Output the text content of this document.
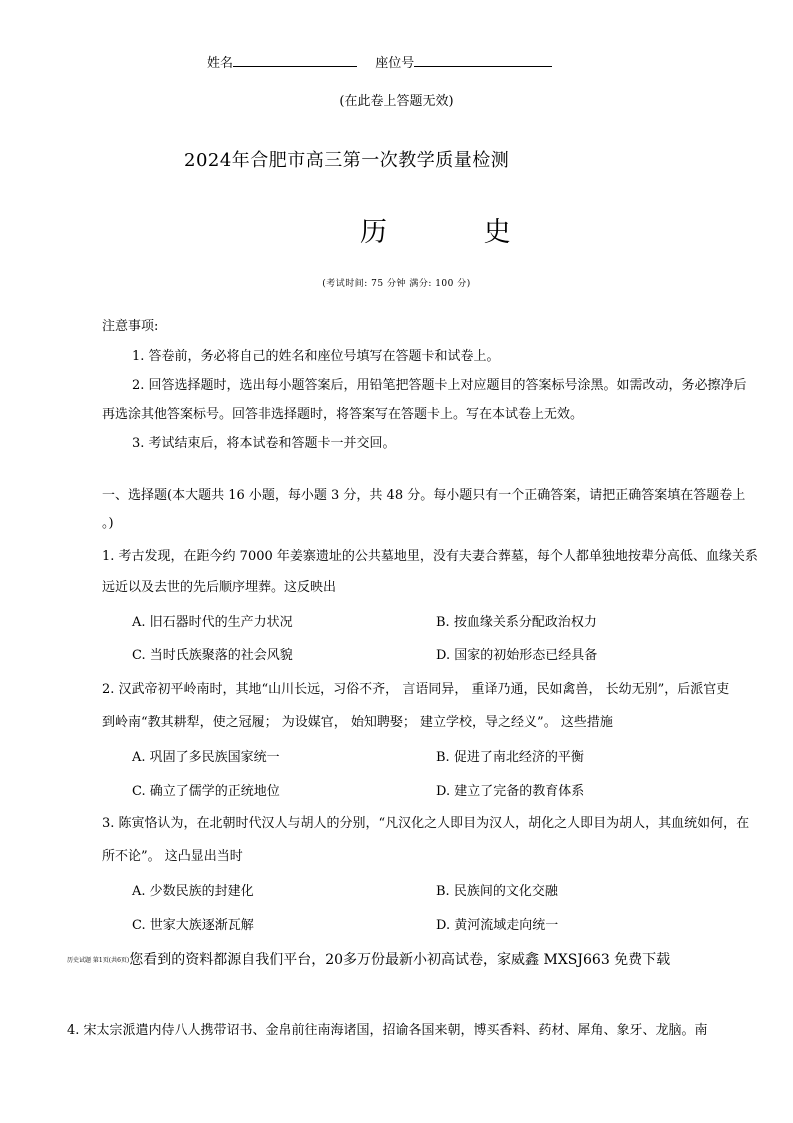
姓名	座位号
(在此卷上答题无效)
2024年合肥市高三第一次教学质量检测
历 史
(考试时间: 75 分钟 满分: 100 分)
注意事项:
1. 答卷前，务必将自己的姓名和座位号填写在答题卡和试卷上。
2. 回答选择题时，选出每小题答案后，用铅笔把答题卡上对应题目的答案标号涂黑。如需改动，务必擦净后
再选涂其他答案标号。回答非选择题时，将答案写在答题卡上。写在本试卷上无效。
3. 考试结束后，将本试卷和答题卡一并交回。
一、选择题(本大题共 16 小题，每小题 3 分，共 48 分。每小题只有一个正确答案，请把正确答案填在答题卷上
。)
1. 考古发现，在距今约 7000 年姜寨遗址的公共墓地里，没有夫妻合葬墓，每个人都单独地按辈分高低、血缘关系
远近以及去世的先后顺序埋葬。这反映出
A. 旧石器时代的生产力状况	B. 按血缘关系分配政治权力
C. 当时氏族聚落的社会风貌	D. 国家的初始形态已经具备
2. 汉武帝初平岭南时，其地“山川长远，习俗不齐， 言语同异， 重译乃通，民如禽兽， 长幼无别”，后派官吏
到岭南“教其耕犁，使之冠履； 为设媒官， 始知聘娶； 建立学校，导之经义”。 这些措施
A. 巩固了多民族国家统一	B. 促进了南北经济的平衡
C. 确立了儒学的正统地位	D. 建立了完备的教育体系
3. 陈寅恪认为，在北朝时代汉人与胡人的分别，“凡汉化之人即目为汉人，胡化之人即目为胡人，其血统如何，在
所不论”。 这凸显出当时
A. 少数民族的封建化	B. 民族间的文化交融
C. 世家大族逐渐瓦解	D. 黄河流域走向统一
历史试题 第1页(共6页)您看到的资料都源自我们平台，20多万份最新小初高试卷，家威鑫 MXSJ663 免费下载
4. 宋太宗派遣内侍八人携带诏书、金帛前往南海诸国，招谕各国来朝，博买香料、药材、犀角、象牙、龙脑。南
